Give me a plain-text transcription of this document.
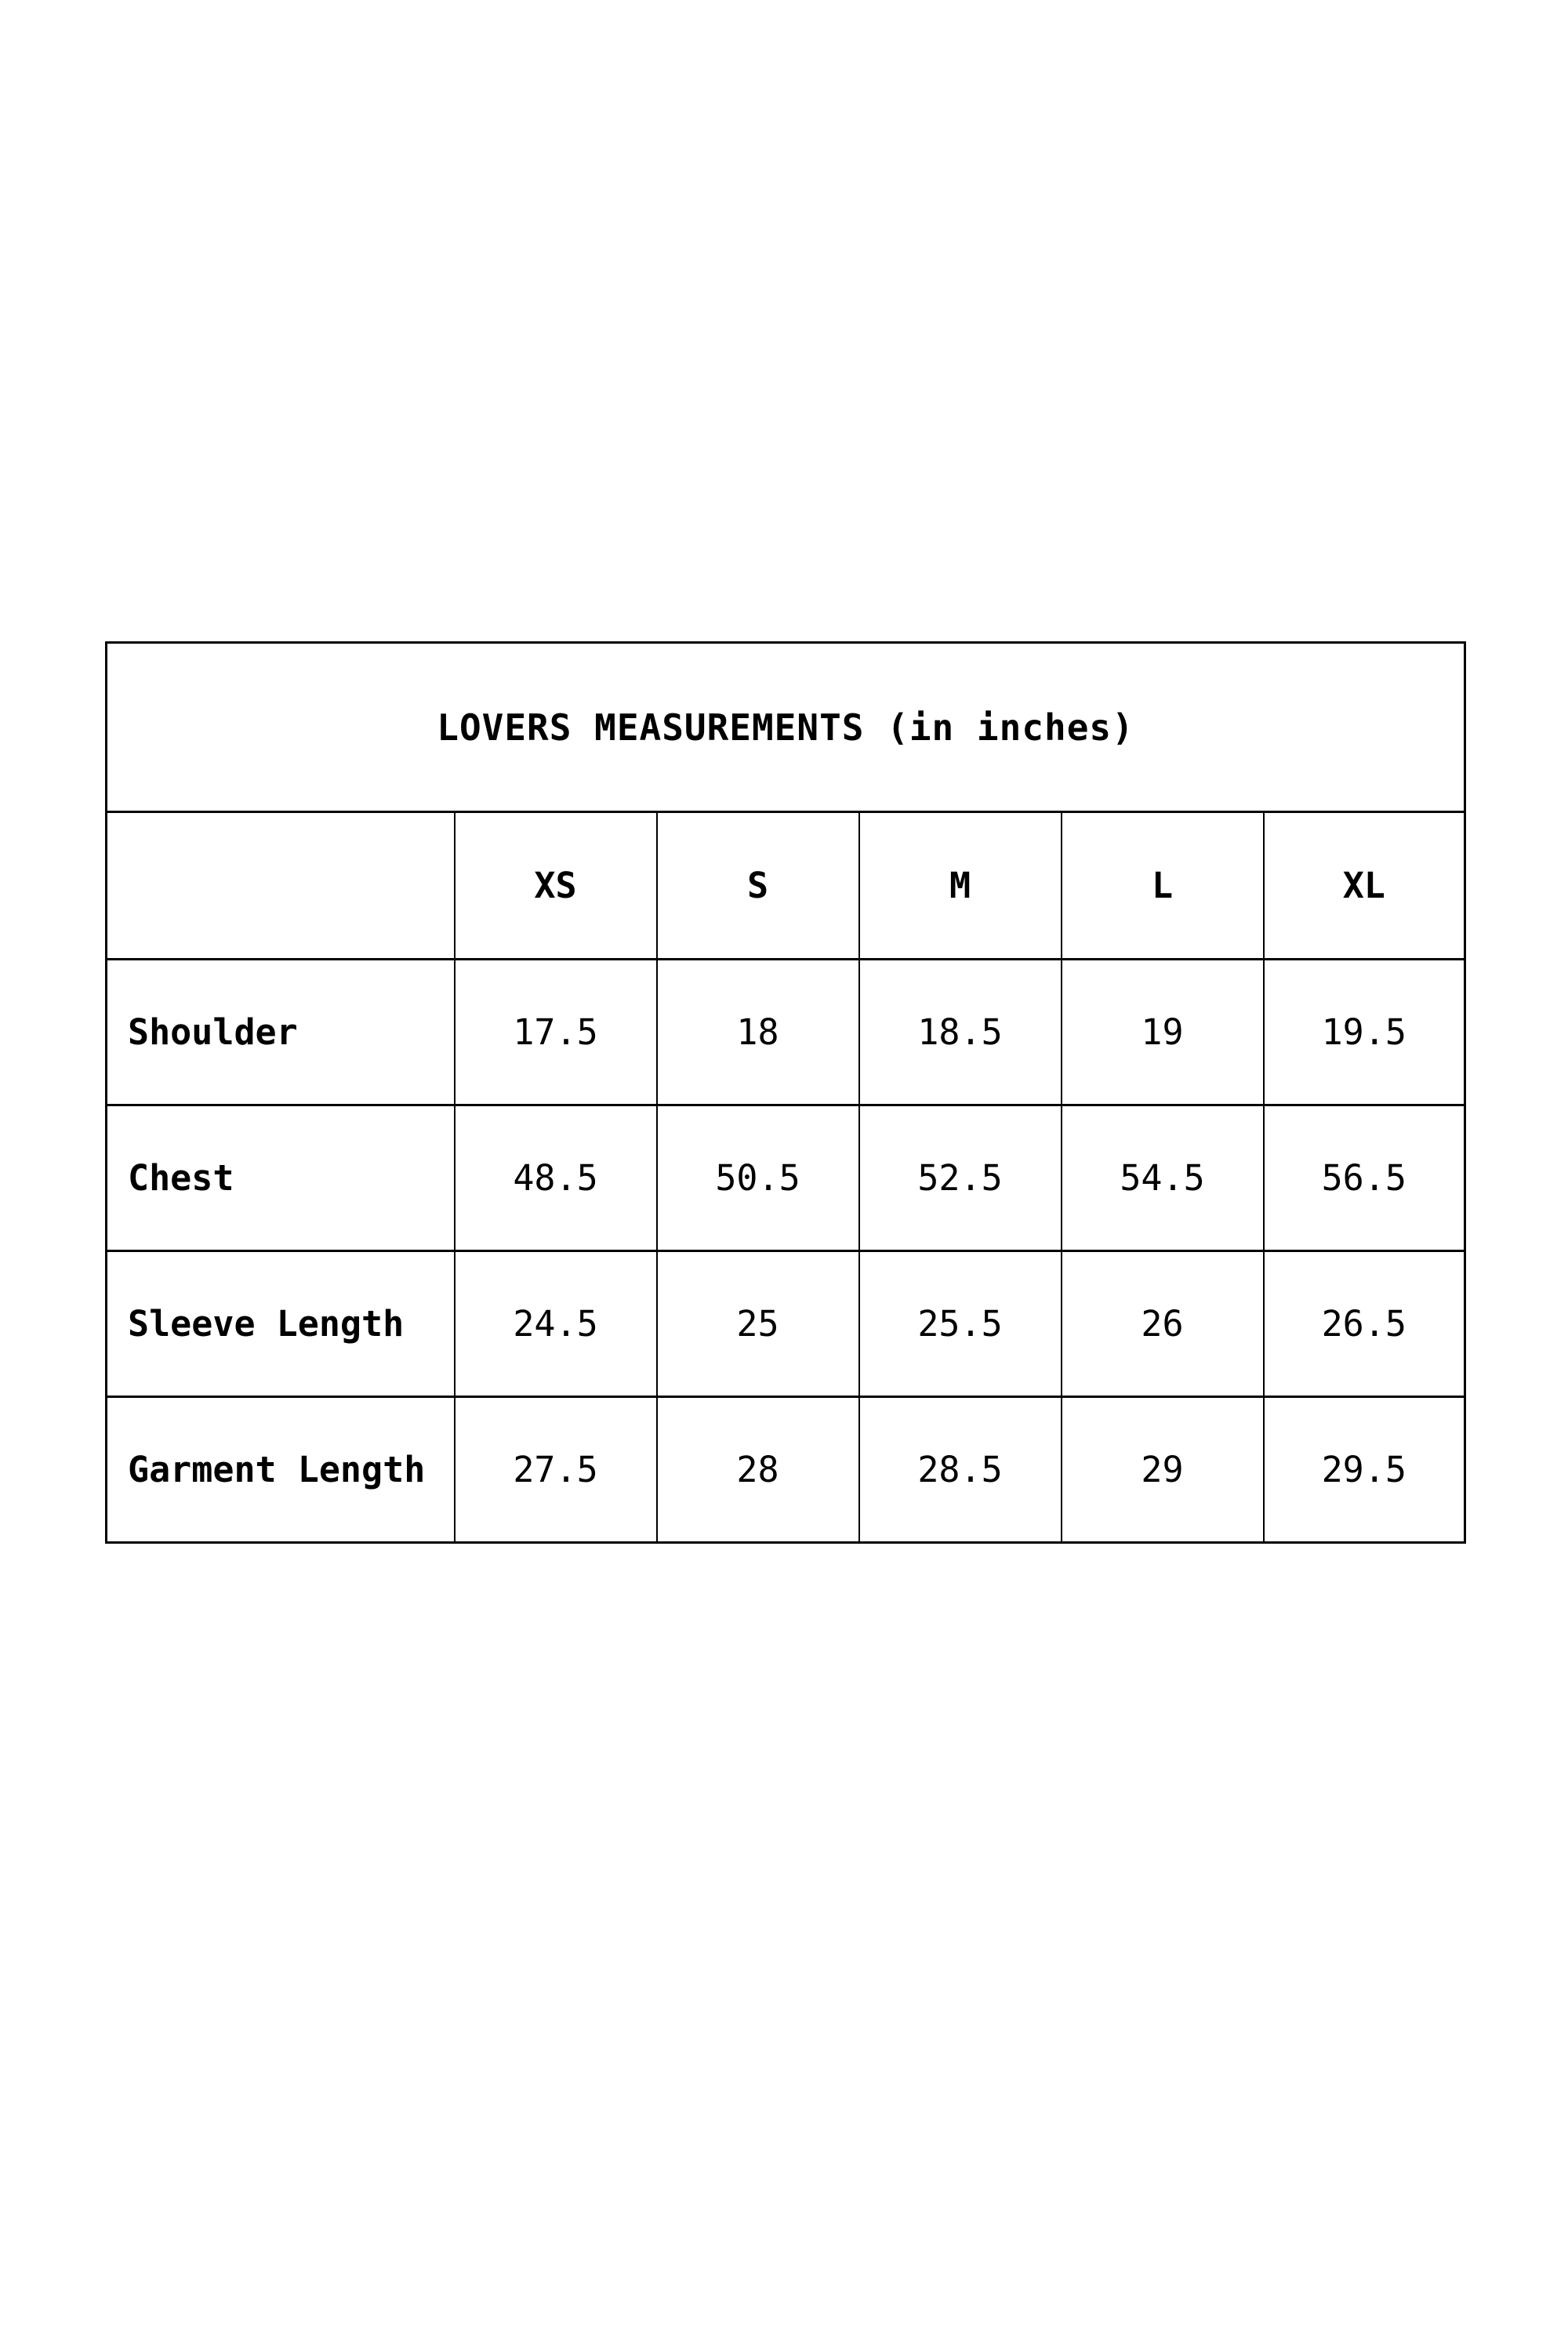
LOVERS MEASUREMENTS (in inches)					
	XS	S	M	L	XL
Shoulder	17.5	18	18.5	19	19.5
Chest	48.5	50.5	52.5	54.5	56.5
Sleeve Length	24.5	25	25.5	26	26.5
Garment Length	27.5	28	28.5	29	29.5
